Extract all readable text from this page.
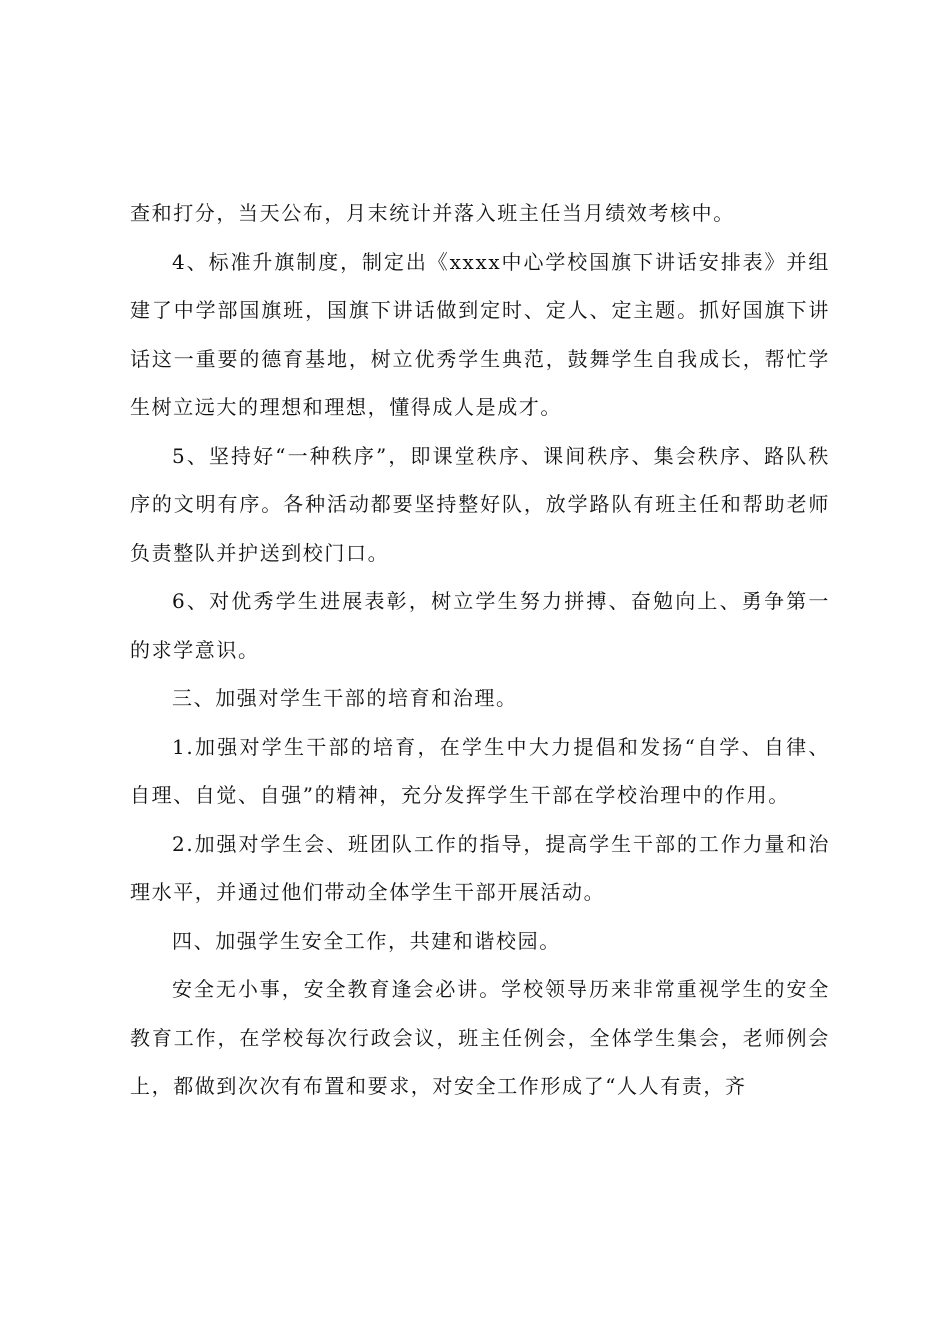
查和打分，当天公布，月末统计并落入班主任当月绩效考核中。

4、标准升旗制度，制定出《xxxx中心学校国旗下讲话安排表》并组建了中学部国旗班，国旗下讲话做到定时、定人、定主题。抓好国旗下讲话这一重要的德育基地，树立优秀学生典范，鼓舞学生自我成长，帮忙学生树立远大的理想和理想，懂得成人是成才。

5、坚持好“一种秩序”，即课堂秩序、课间秩序、集会秩序、路队秩序的文明有序。各种活动都要坚持整好队，放学路队有班主任和帮助老师负责整队并护送到校门口。

6、对优秀学生进展表彰，树立学生努力拼搏、奋勉向上、勇争第一的求学意识。

三、加强对学生干部的培育和治理。

1.加强对学生干部的培育，在学生中大力提倡和发扬“自学、自律、自理、自觉、自强”的精神，充分发挥学生干部在学校治理中的作用。

2.加强对学生会、班团队工作的指导，提高学生干部的工作力量和治理水平，并通过他们带动全体学生干部开展活动。

四、加强学生安全工作，共建和谐校园。

安全无小事，安全教育逢会必讲。学校领导历来非常重视学生的安全教育工作，在学校每次行政会议，班主任例会，全体学生集会，老师例会上，都做到次次有布置和要求，对安全工作形成了“人人有责，齐
